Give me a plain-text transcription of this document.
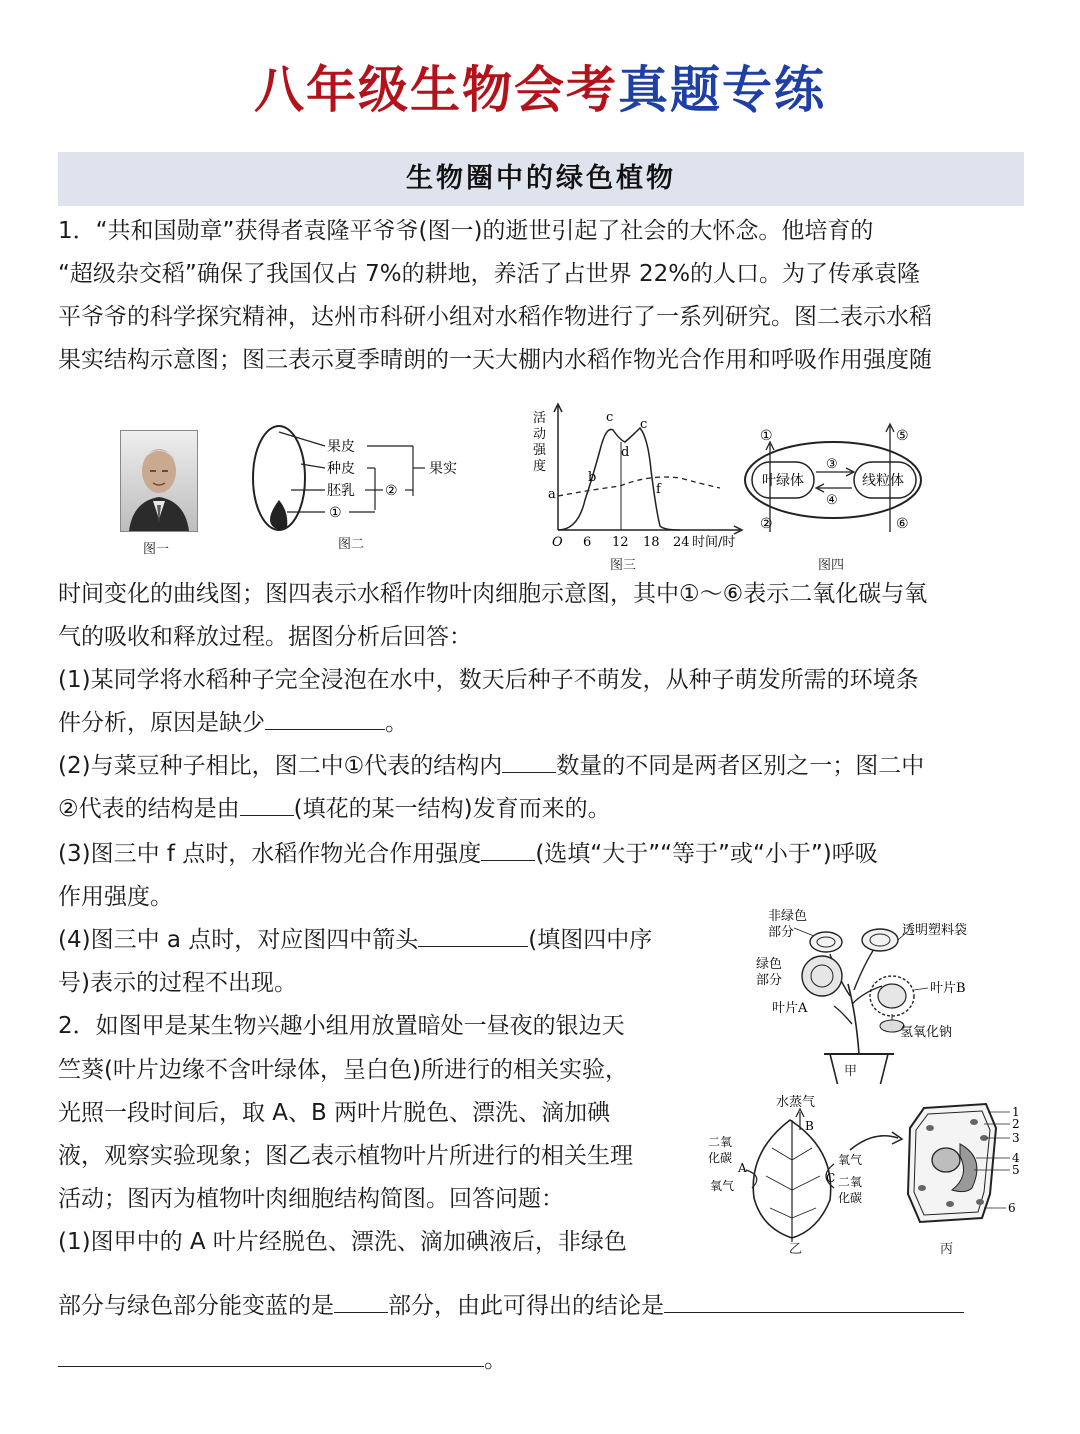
八年级生物会考真题专练
生物圈中的绿色植物
1．“共和国勋章”获得者袁隆平爷爷(图一)的逝世引起了社会的大怀念。他培育的
“超级杂交稻”确保了我国仅占 7%的耕地，养活了占世界 22%的人口。为了传承袁隆
平爷爷的科学探究精神，达州市科研小组对水稻作物进行了一系列研究。图二表示水稻
果实结构示意图；图三表示夏季晴朗的一天大棚内水稻作物光合作用和呼吸作用强度随
图一
果皮
种皮
胚乳
①
②
果实
图二
活
动
强
度
a
b
c c
d
f
O 6 12 18 24 时间/时
图三
①
②
③
④
⑤
⑥
叶绿体	线粒体
图四
时间变化的曲线图；图四表示水稻作物叶肉细胞示意图，其中①～⑥表示二氧化碳与氧
气的吸收和释放过程。据图分析后回答：
(1)某同学将水稻种子完全浸泡在水中，数天后种子不萌发，从种子萌发所需的环境条
件分析，原因是缺少	。
(2)与菜豆种子相比，图二中①代表的结构内 数量的不同是两者区别之一；图二中
②代表的结构是由 (填花的某一结构)发育而来的。
(3)图三中 f 点时，水稻作物光合作用强度 (选填“大于”“等于”或“小于”)呼吸
作用强度。
(4)图三中 a 点时，对应图四中箭头	(填图四中序
号)表示的过程不出现。
2．如图甲是某生物兴趣小组用放置暗处一昼夜的银边天
竺葵(叶片边缘不含叶绿体，呈白色)所进行的相关实验，
光照一段时间后，取 A、B 两叶片脱色、漂洗、滴加碘
液，观察实验现象；图乙表示植物叶片所进行的相关生理
活动；图丙为植物叶肉细胞结构简图。回答问题：
(1)图甲中的 A 叶片经脱色、漂洗、滴加碘液后，非绿色
非绿色
部分
绿色
部分
叶片A
透明塑料袋
叶片B
氢氧化钠
甲
水蒸气
B
二氧
化碳
A
氧气
氧气
C 二氧
化碳
乙
1
2
3
4
5
6
丙
部分与绿色部分能变蓝的是 部分，由此可得出的结论是
。
